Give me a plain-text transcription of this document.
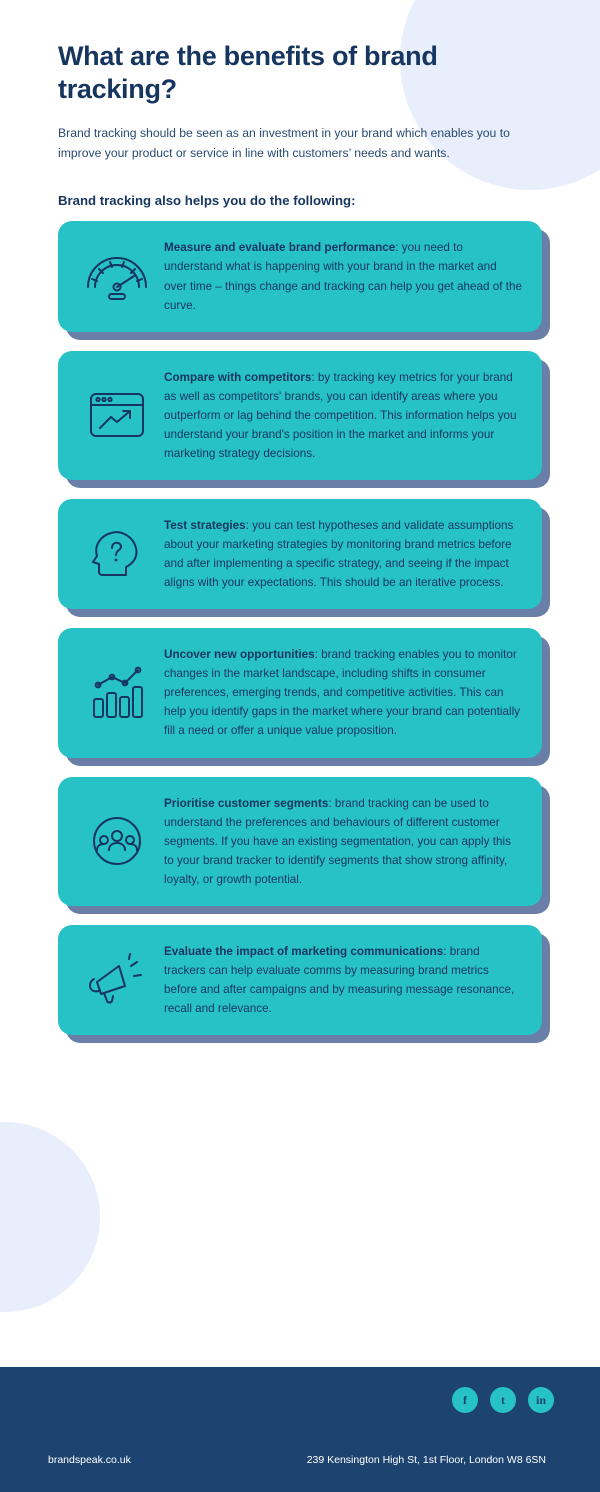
What are the benefits of brand tracking?

Brand tracking should be seen as an investment in your brand which enables you to improve your product or service in line with customers’ needs and wants.

Brand tracking also helps you do the following:

Measure and evaluate brand performance: you need to understand what is happening with your brand in the market and over time – things change and tracking can help you get ahead of the curve.
Compare with competitors: by tracking key metrics for your brand as well as competitors' brands, you can identify areas where you outperform or lag behind the competition. This information helps you understand your brand's position in the market and informs your marketing strategy decisions.
Test strategies: you can test hypotheses and validate assumptions about your marketing strategies by monitoring brand metrics before and after implementing a specific strategy, and seeing if the impact aligns with your expectations. This should be an iterative process.
Uncover new opportunities: brand tracking enables you to monitor changes in the market landscape, including shifts in consumer preferences, emerging trends, and competitive activities. This can help you identify gaps in the market where your brand can potentially fill a need or offer a unique value proposition.
Prioritise customer segments: brand tracking can be used to understand the preferences and behaviours of different customer segments. If you have an existing segmentation, you can apply this to your brand tracker to identify segments that show strong affinity, loyalty, or growth potential.
Evaluate the impact of marketing communications: brand trackers can help evaluate comms by measuring brand metrics before and after campaigns and by measuring message resonance, recall and relevance.
f	t	in
brandspeak.co.uk	239 Kensington High St, 1st Floor, London W8 6SN
